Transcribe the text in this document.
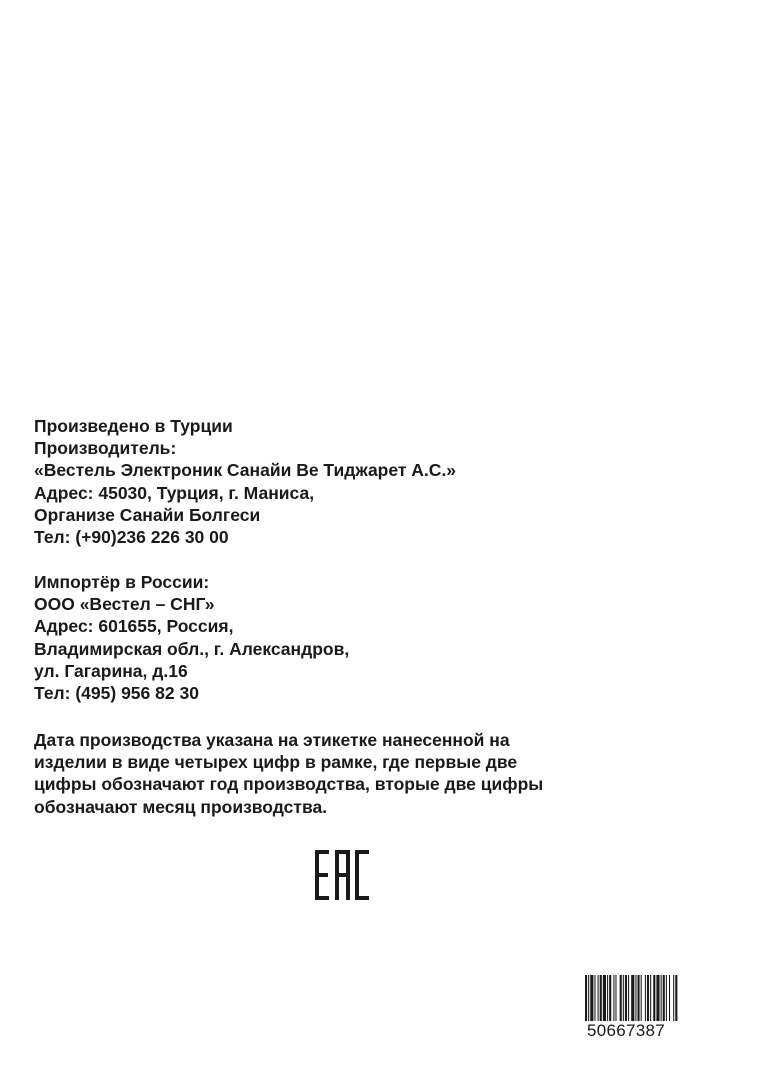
Произведено в Турции
Производитель:
«Вестель Электроник Санайи Ве Тиджарет А.С.»
Адрес: 45030, Турция, г. Маниса,
Организе Санайи Болгеси
Тел: (+90)236 226 30 00
Импортёр в России:
ООО «Вестел – СНГ»
Адрес: 601655, Россия,
Владимирская обл., г. Александров,
ул. Гагарина, д.16
Тел: (495) 956 82 30
Дата производства указана на этикетке нанесенной на
изделии в виде четырех цифр в рамке, где первые две
цифры обозначают год производства, вторые две цифры
обозначают месяц производства.
50667387
